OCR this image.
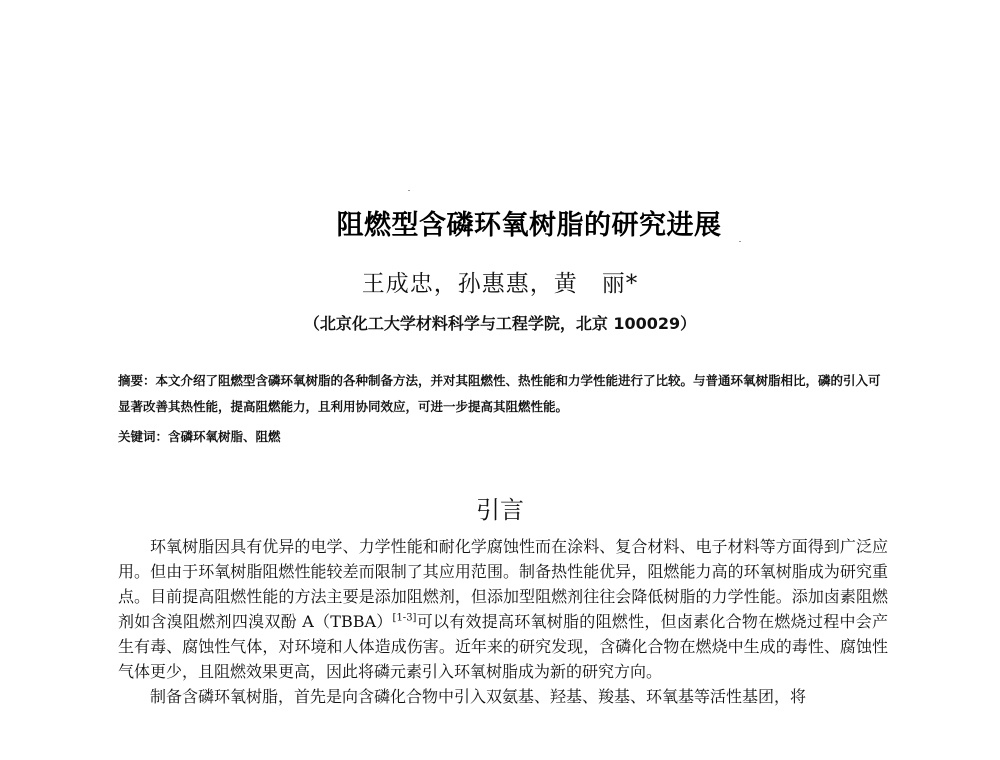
阻燃型含磷环氧树脂的研究进展
王成忠，孙惠惠，黄　丽*
（北京化工大学材料科学与工程学院，北京 100029）
摘要：本文介绍了阻燃型含磷环氧树脂的各种制备方法，并对其阻燃性、热性能和力学性能进行了比较。与普通环氧树脂相比，磷的引入可显著改善其热性能，提高阻燃能力，且利用协同效应，可进一步提高其阻燃性能。
关键词：含磷环氧树脂、阻燃
引言

环氧树脂因具有优异的电学、力学性能和耐化学腐蚀性而在涂料、复合材料、电子材料等方面得到广泛应用。但由于环氧树脂阻燃性能较差而限制了其应用范围。制备热性能优异，阻燃能力高的环氧树脂成为研究重点。目前提高阻燃性能的方法主要是添加阻燃剂，但添加型阻燃剂往往会降低树脂的力学性能。添加卤素阻燃剂如含溴阻燃剂四溴双酚 A（TBBA）[1-3]可以有效提高环氧树脂的阻燃性，但卤素化合物在燃烧过程中会产生有毒、腐蚀性气体，对环境和人体造成伤害。近年来的研究发现，含磷化合物在燃烧中生成的毒性、腐蚀性气体更少，且阻燃效果更高，因此将磷元素引入环氧树脂成为新的研究方向。

制备含磷环氧树脂，首先是向含磷化合物中引入双氨基、羟基、羧基、环氧基等活性基团，将
